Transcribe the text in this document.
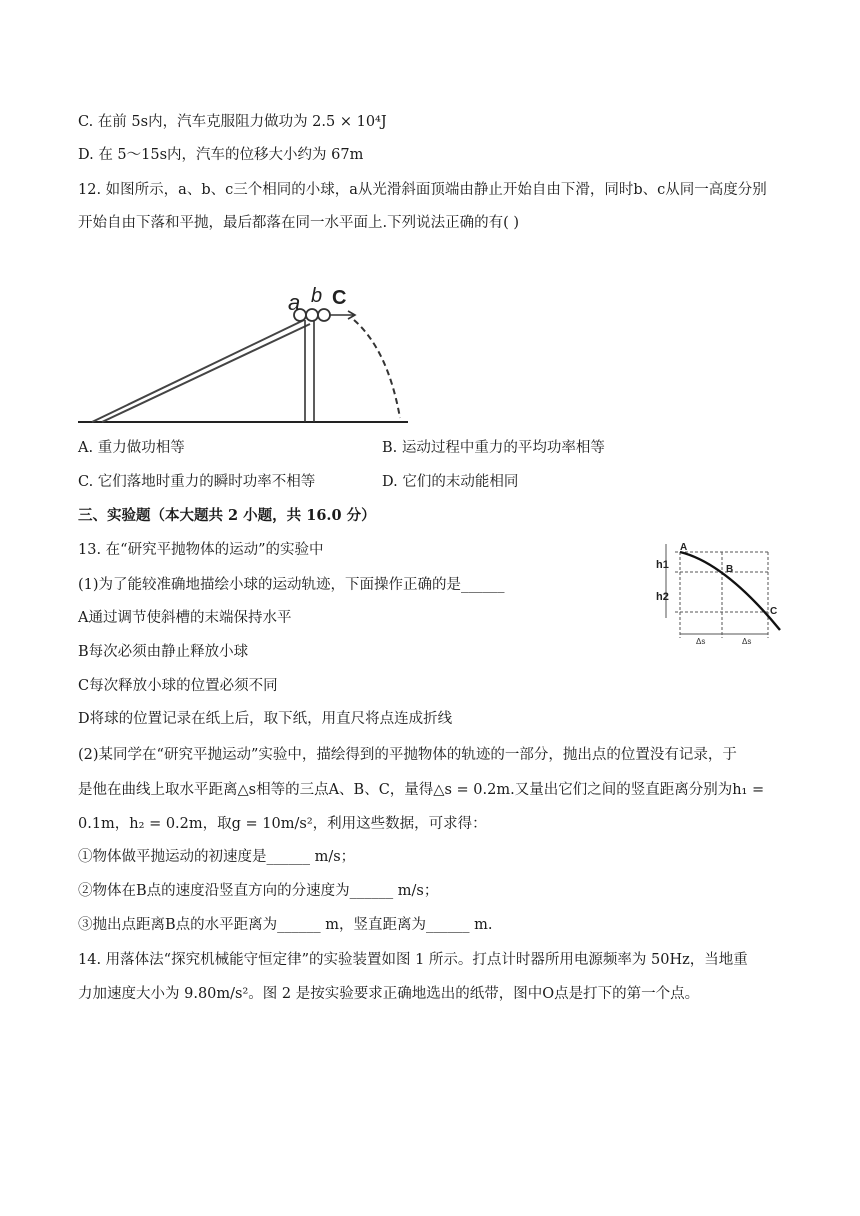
C. 在前 5s内，汽车克服阻力做功为 2.5 × 10⁴J
D. 在 5～15s内，汽车的位移大小约为 67m
12. 如图所示，a、b、c三个相同的小球，a从光滑斜面顶端由静止开始自由下滑，同时b、c从同一高度分别
开始自由下落和平抛，最后都落在同一水平面上.下列说法正确的有( )
a b C
A. 重力做功相等	B. 运动过程中重力的平均功率相等
C. 它们落地时重力的瞬时功率不相等	D. 它们的末动能相同
三、实验题（本大题共 2 小题，共 16.0 分）
13. 在“研究平抛物体的运动”的实验中
(1)为了能较准确地描绘小球的运动轨迹，下面操作正确的是______
A通过调节使斜槽的末端保持水平
B每次必须由静止释放小球
C每次释放小球的位置必须不同
D将球的位置记录在纸上后，取下纸，用直尺将点连成折线
A
B
C
h1
h2
Δs	Δs
(2)某同学在“研究平抛运动”实验中，描绘得到的平抛物体的轨迹的一部分，抛出点的位置没有记录，于
是他在曲线上取水平距离△s相等的三点A、B、C，量得△s = 0.2m.又量出它们之间的竖直距离分别为h₁ =
0.1m，h₂ = 0.2m，取g = 10m/s²，利用这些数据，可求得：
①物体做平抛运动的初速度是______ m/s；
②物体在B点的速度沿竖直方向的分速度为______ m/s；
③抛出点距离B点的水平距离为______ m，竖直距离为______ m.
14. 用落体法“探究机械能守恒定律”的实验装置如图 1 所示。打点计时器所用电源频率为 50Hz，当地重
力加速度大小为 9.80m/s²。图 2 是按实验要求正确地选出的纸带，图中O点是打下的第一个点。
